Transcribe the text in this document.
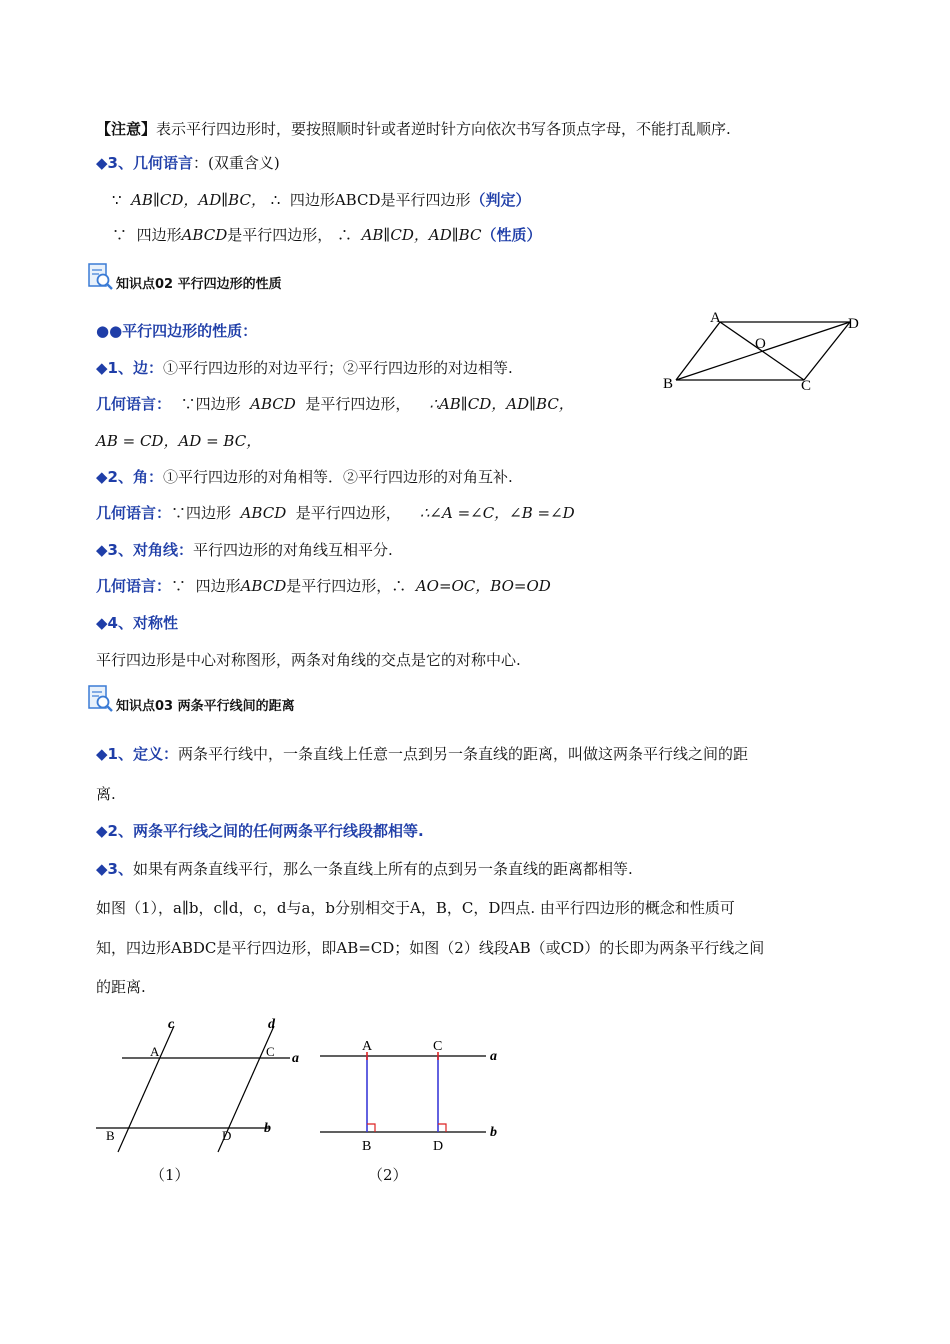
【注意】表示平行四边形时，要按照顺时针或者逆时针方向依次书写各顶点字母，不能打乱顺序.
◆3、几何语言：(双重含义)
∵ AB∥CD，AD∥BC， ∴ 四边形ABCD是平行四边形（判定）
∵ 四边形ABCD是平行四边形， ∴ AB∥CD，AD∥BC（性质）
知识点02 平行四边形的性质
●●平行四边形的性质：
◆1、边：①平行四边形的对边平行；②平行四边形的对边相等.
几何语言： ∵四边形 ABCD 是平行四边形， ∴AB∥CD，AD∥BC，
AB = CD，AD = BC，
◆2、角：①平行四边形的对角相等．②平行四边形的对角互补.
几何语言：∵四边形 ABCD 是平行四边形， ∴∠A =∠C，∠B =∠D
◆3、对角线：平行四边形的对角线互相平分.
几何语言：∵ 四边形ABCD是平行四边形，∴ AO=OC，BO=OD
◆4、对称性
平行四边形是中心对称图形，两条对角线的交点是它的对称中心.
A	D
B	C
O
知识点03 两条平行线间的距离
◆1、定义：两条平行线中，一条直线上任意一点到另一条直线的距离，叫做这两条平行线之间的距
离.
◆2、两条平行线之间的任何两条平行线段都相等.
◆3、如果有两条直线平行，那么一条直线上所有的点到另一条直线的距离都相等.
如图（1），a∥b，c∥d，c，d与a，b分别相交于A，B，C，D四点. 由平行四边形的概念和性质可
知，四边形ABDC是平行四边形，即AB=CD；如图（2）线段AB（或CD）的长即为两条平行线之间
的距离.
c	d
a
b
A	C
B	D
（1）
A	C
B	D
a
b
（2）
